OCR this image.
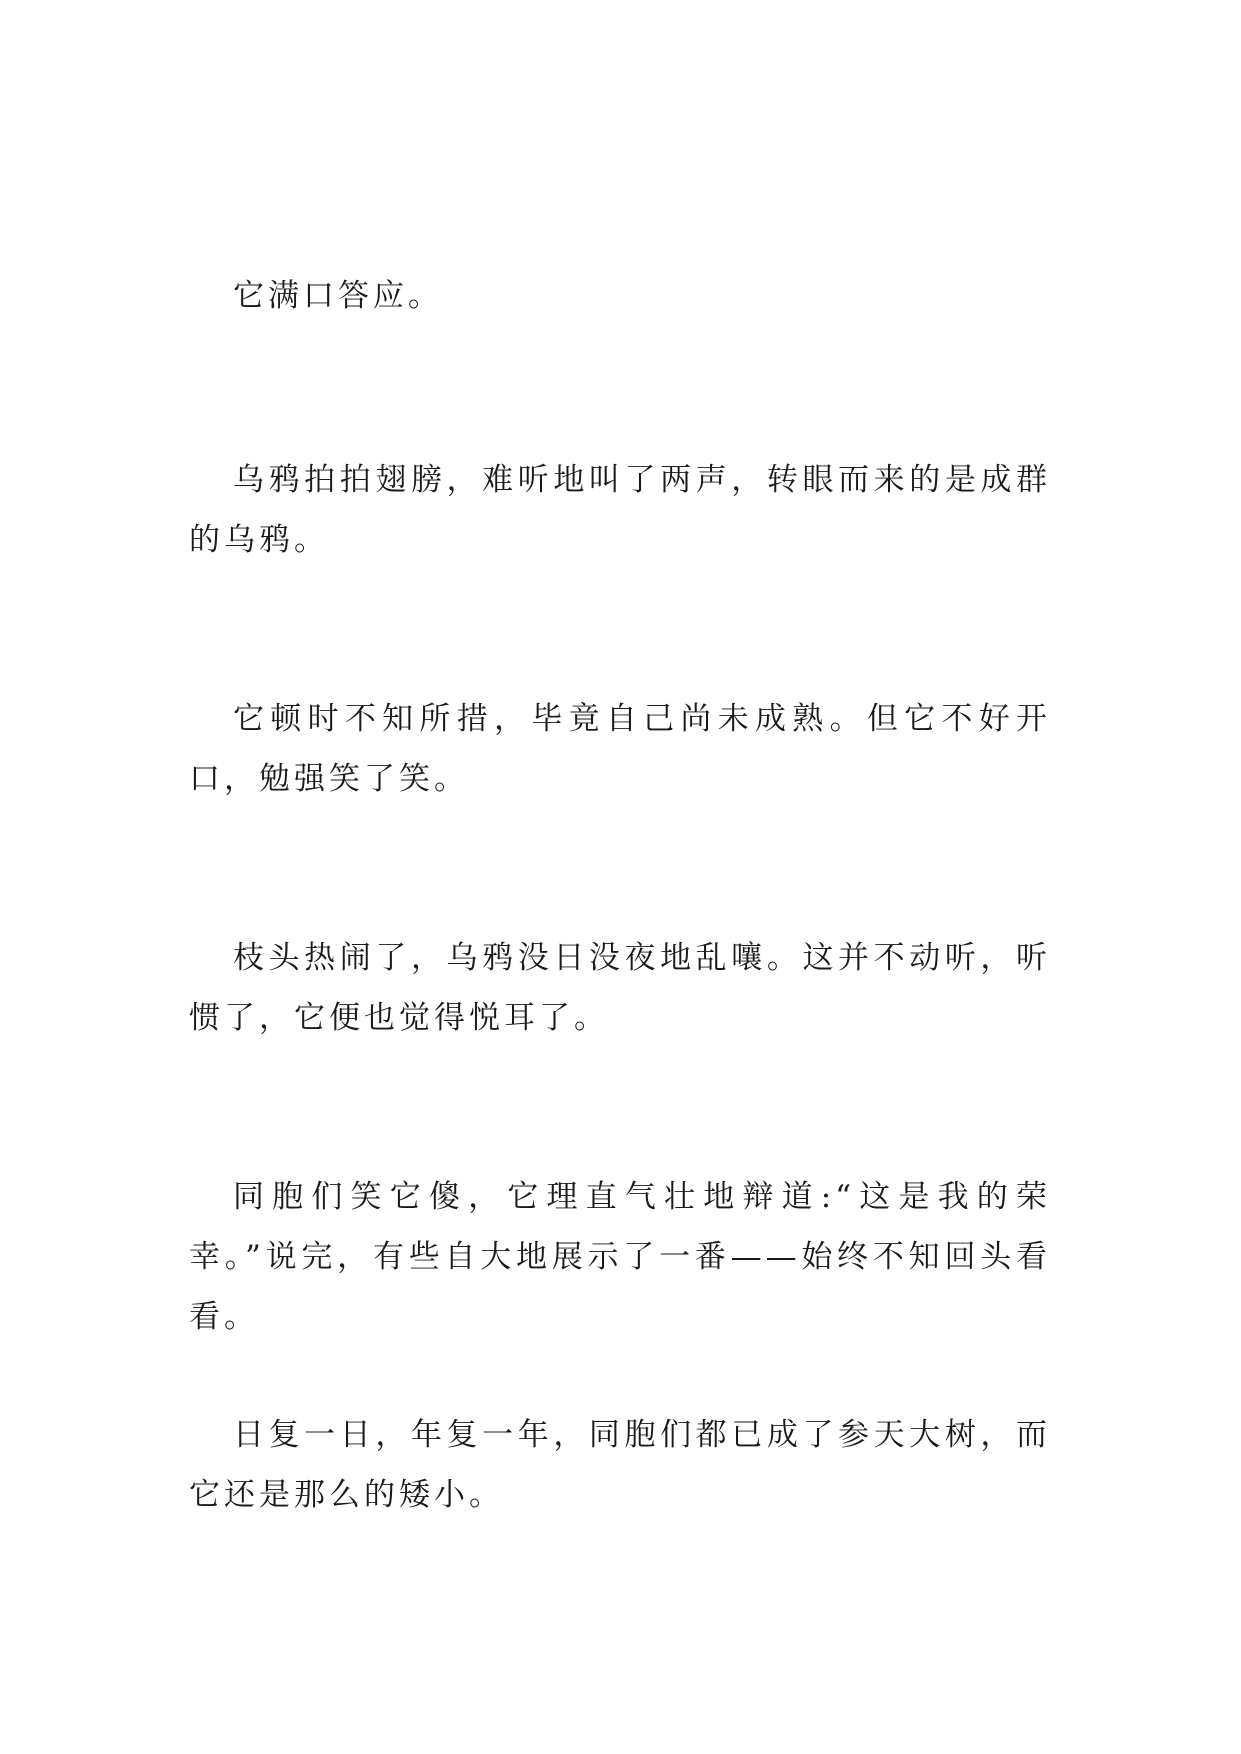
它满口答应。

乌鸦拍拍翅膀，难听地叫了两声，转眼而来的是成群的乌鸦。

它顿时不知所措，毕竟自己尚未成熟。但它不好开口，勉强笑了笑。

枝头热闹了，乌鸦没日没夜地乱嚷。这并不动听，听惯了，它便也觉得悦耳了。

同胞们笑它傻，它理直气壮地辩道:“这是我的荣幸。”说完，有些自大地展示了一番——始终不知回头看看。

日复一日，年复一年，同胞们都已成了参天大树，而它还是那么的矮小。
